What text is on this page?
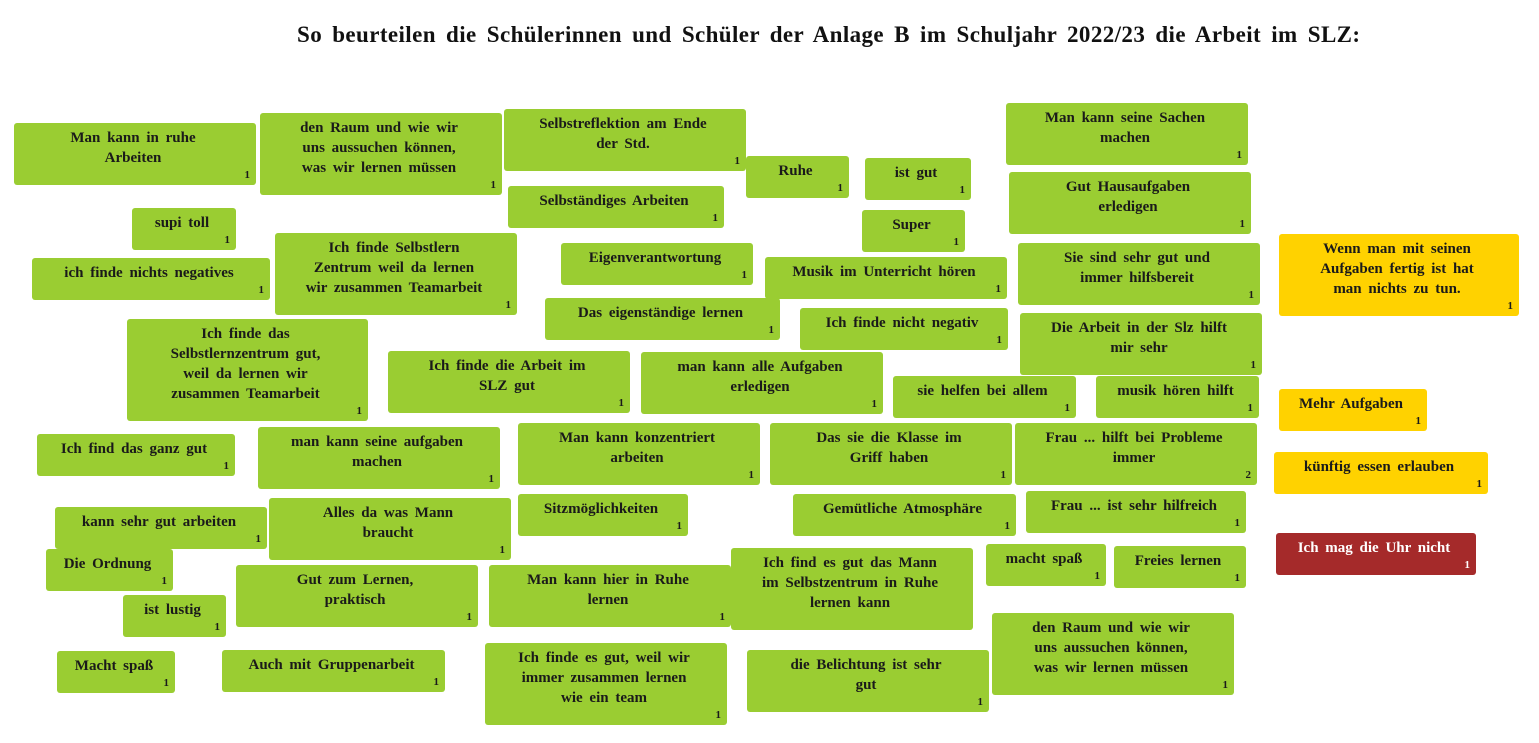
So beurteilen die Schülerinnen und Schüler der Anlage B im Schuljahr 2022/23 die Arbeit im SLZ:
Man kann in ruhe
Arbeiten
1
den Raum und wie wir
uns aussuchen können,
was wir lernen müssen
1
Selbstreflektion am Ende
der Std.
1
Ruhe
1
ist gut
1
Man kann seine Sachen
machen
1
Selbständiges Arbeiten
1
Gut Hausaufgaben
erledigen
1
supi toll
1
Super
1
Ich finde Selbstlern
Zentrum weil da lernen
wir zusammen Teamarbeit
1
ich finde nichts negatives
1
Eigenverantwortung
1	Musik im Unterricht hören
1
Sie sind sehr gut und
immer hilfsbereit
1
Das eigenständige lernen
1	Ich finde nicht negativ
1
Die Arbeit in der Slz hilft
mir sehr
1
Ich finde das
Selbstlernzentrum gut,
weil da lernen wir
zusammen Teamarbeit
1
Ich finde die Arbeit im
SLZ gut
1
man kann alle Aufgaben
erledigen
1
sie helfen bei allem
1
musik hören hilft
1
Ich find das ganz gut
1
man kann seine aufgaben
machen
1
Man kann konzentriert
arbeiten
1
Das sie die Klasse im
Griff haben
1
Frau ... hilft bei Probleme
immer
2
kann sehr gut arbeiten
1
Alles da was Mann
braucht
1
Sitzmöglichkeiten
1
Gemütliche Atmosphäre
1
Frau ... ist sehr hilfreich
1
Die Ordnung
1	Gut zum Lernen,
praktisch
1
Man kann hier in Ruhe
lernen
1
Ich find es gut das Mann
im Selbstzentrum in Ruhe
lernen kann
macht spaß
1
Freies lernen
1
ist lustig
1	den Raum und wie wir
uns aussuchen können,
was wir lernen müssen
1
Macht spaß
1
Auch mit Gruppenarbeit
1
Ich finde es gut, weil wir
immer zusammen lernen
wie ein team
1
die Belichtung ist sehr
gut
1
Wenn man mit seinen
Aufgaben fertig ist hat
man nichts zu tun.
1
Mehr Aufgaben
1
künftig essen erlauben
1
Ich mag die Uhr nicht
1
